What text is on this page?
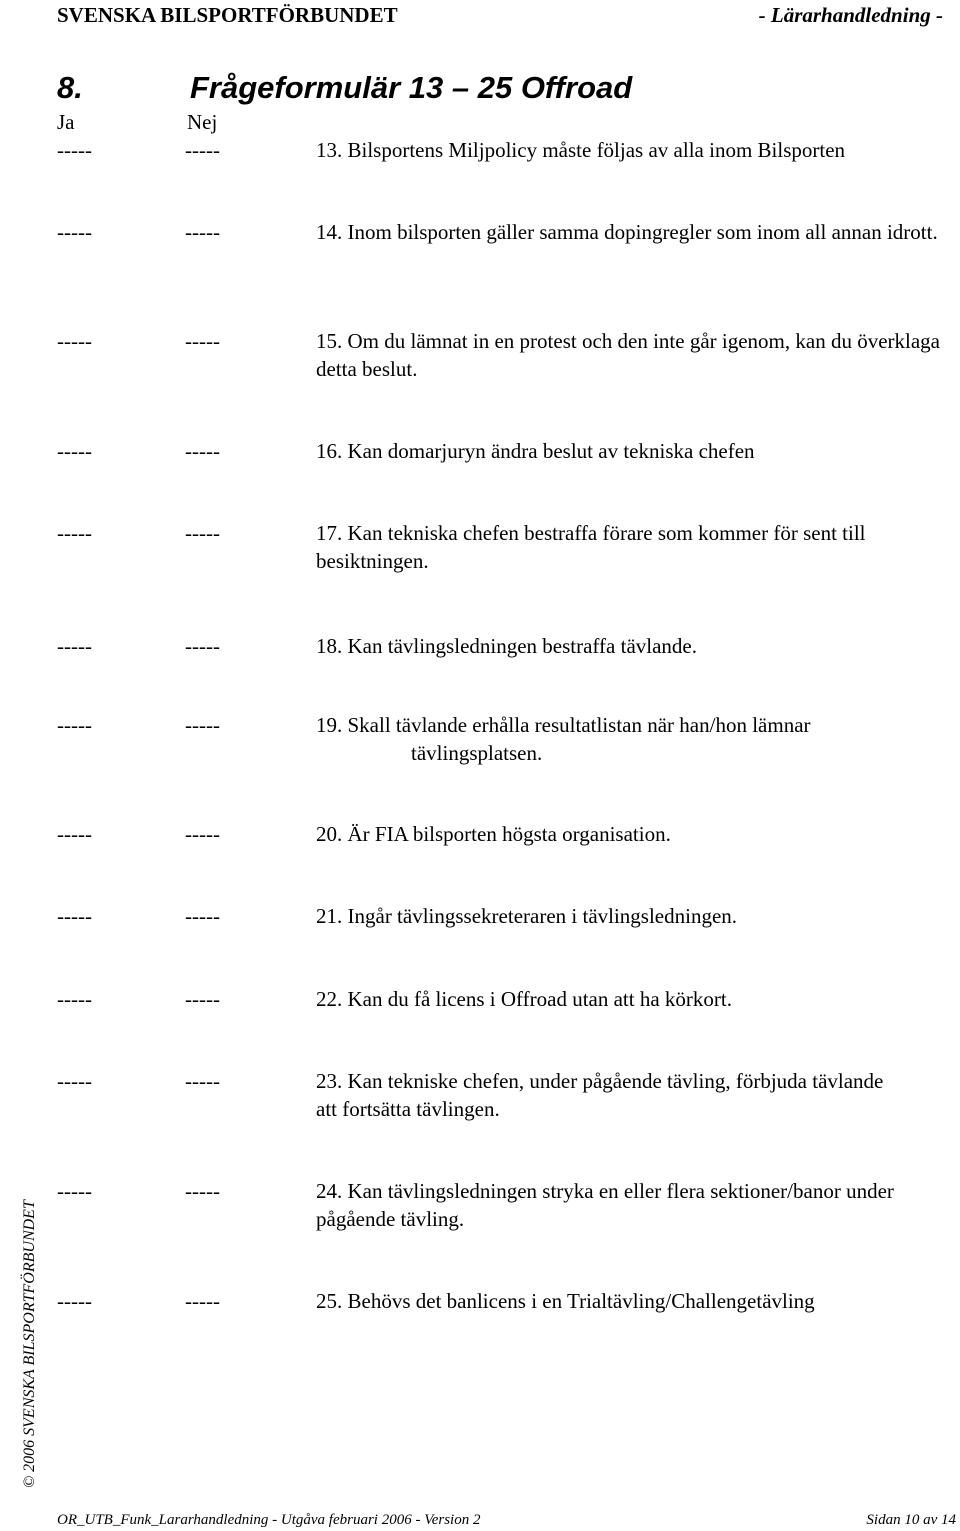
SVENSKA BILSPORTFÖRBUNDET	- Lärarhandledning -
8.	Frågeformulär 13 – 25 Offroad
Ja	Nej
-----	-----	13. Bilsportens Miljpolicy måste följas av alla inom Bilsporten
-----	-----	14. Inom bilsporten gäller samma dopingregler som inom all annan idrott.
-----	-----	15. Om du lämnat in en protest och den inte går igenom, kan du överklaga detta beslut.
-----	-----	16. Kan domarjuryn ändra beslut av tekniska chefen
-----	-----	17. Kan tekniska chefen bestraffa förare som kommer för sent till besiktningen.
-----	-----	18. Kan tävlingsledningen bestraffa tävlande.
-----	-----	19. Skall tävlande erhålla resultatlistan när han/hon lämnar
tävlingsplatsen.
-----	-----	20. Är FIA bilsporten högsta organisation.
-----	-----	21. Ingår tävlingssekreteraren i tävlingsledningen.
-----	-----	22. Kan du få licens i Offroad utan att ha körkort.
-----	-----	23. Kan tekniske chefen, under pågående tävling, förbjuda tävlande att fortsätta tävlingen.
-----	-----	24. Kan tävlingsledningen stryka en eller flera sektioner/banor under pågående tävling.
-----	-----	25. Behövs det banlicens i en Trialtävling/Challengetävling
© 2006 SVENSKA BILSPORTFÖRBUNDET
OR_UTB_Funk_Lararhandledning - Utgåva februari 2006 - Version 2	Sidan 10 av 14
